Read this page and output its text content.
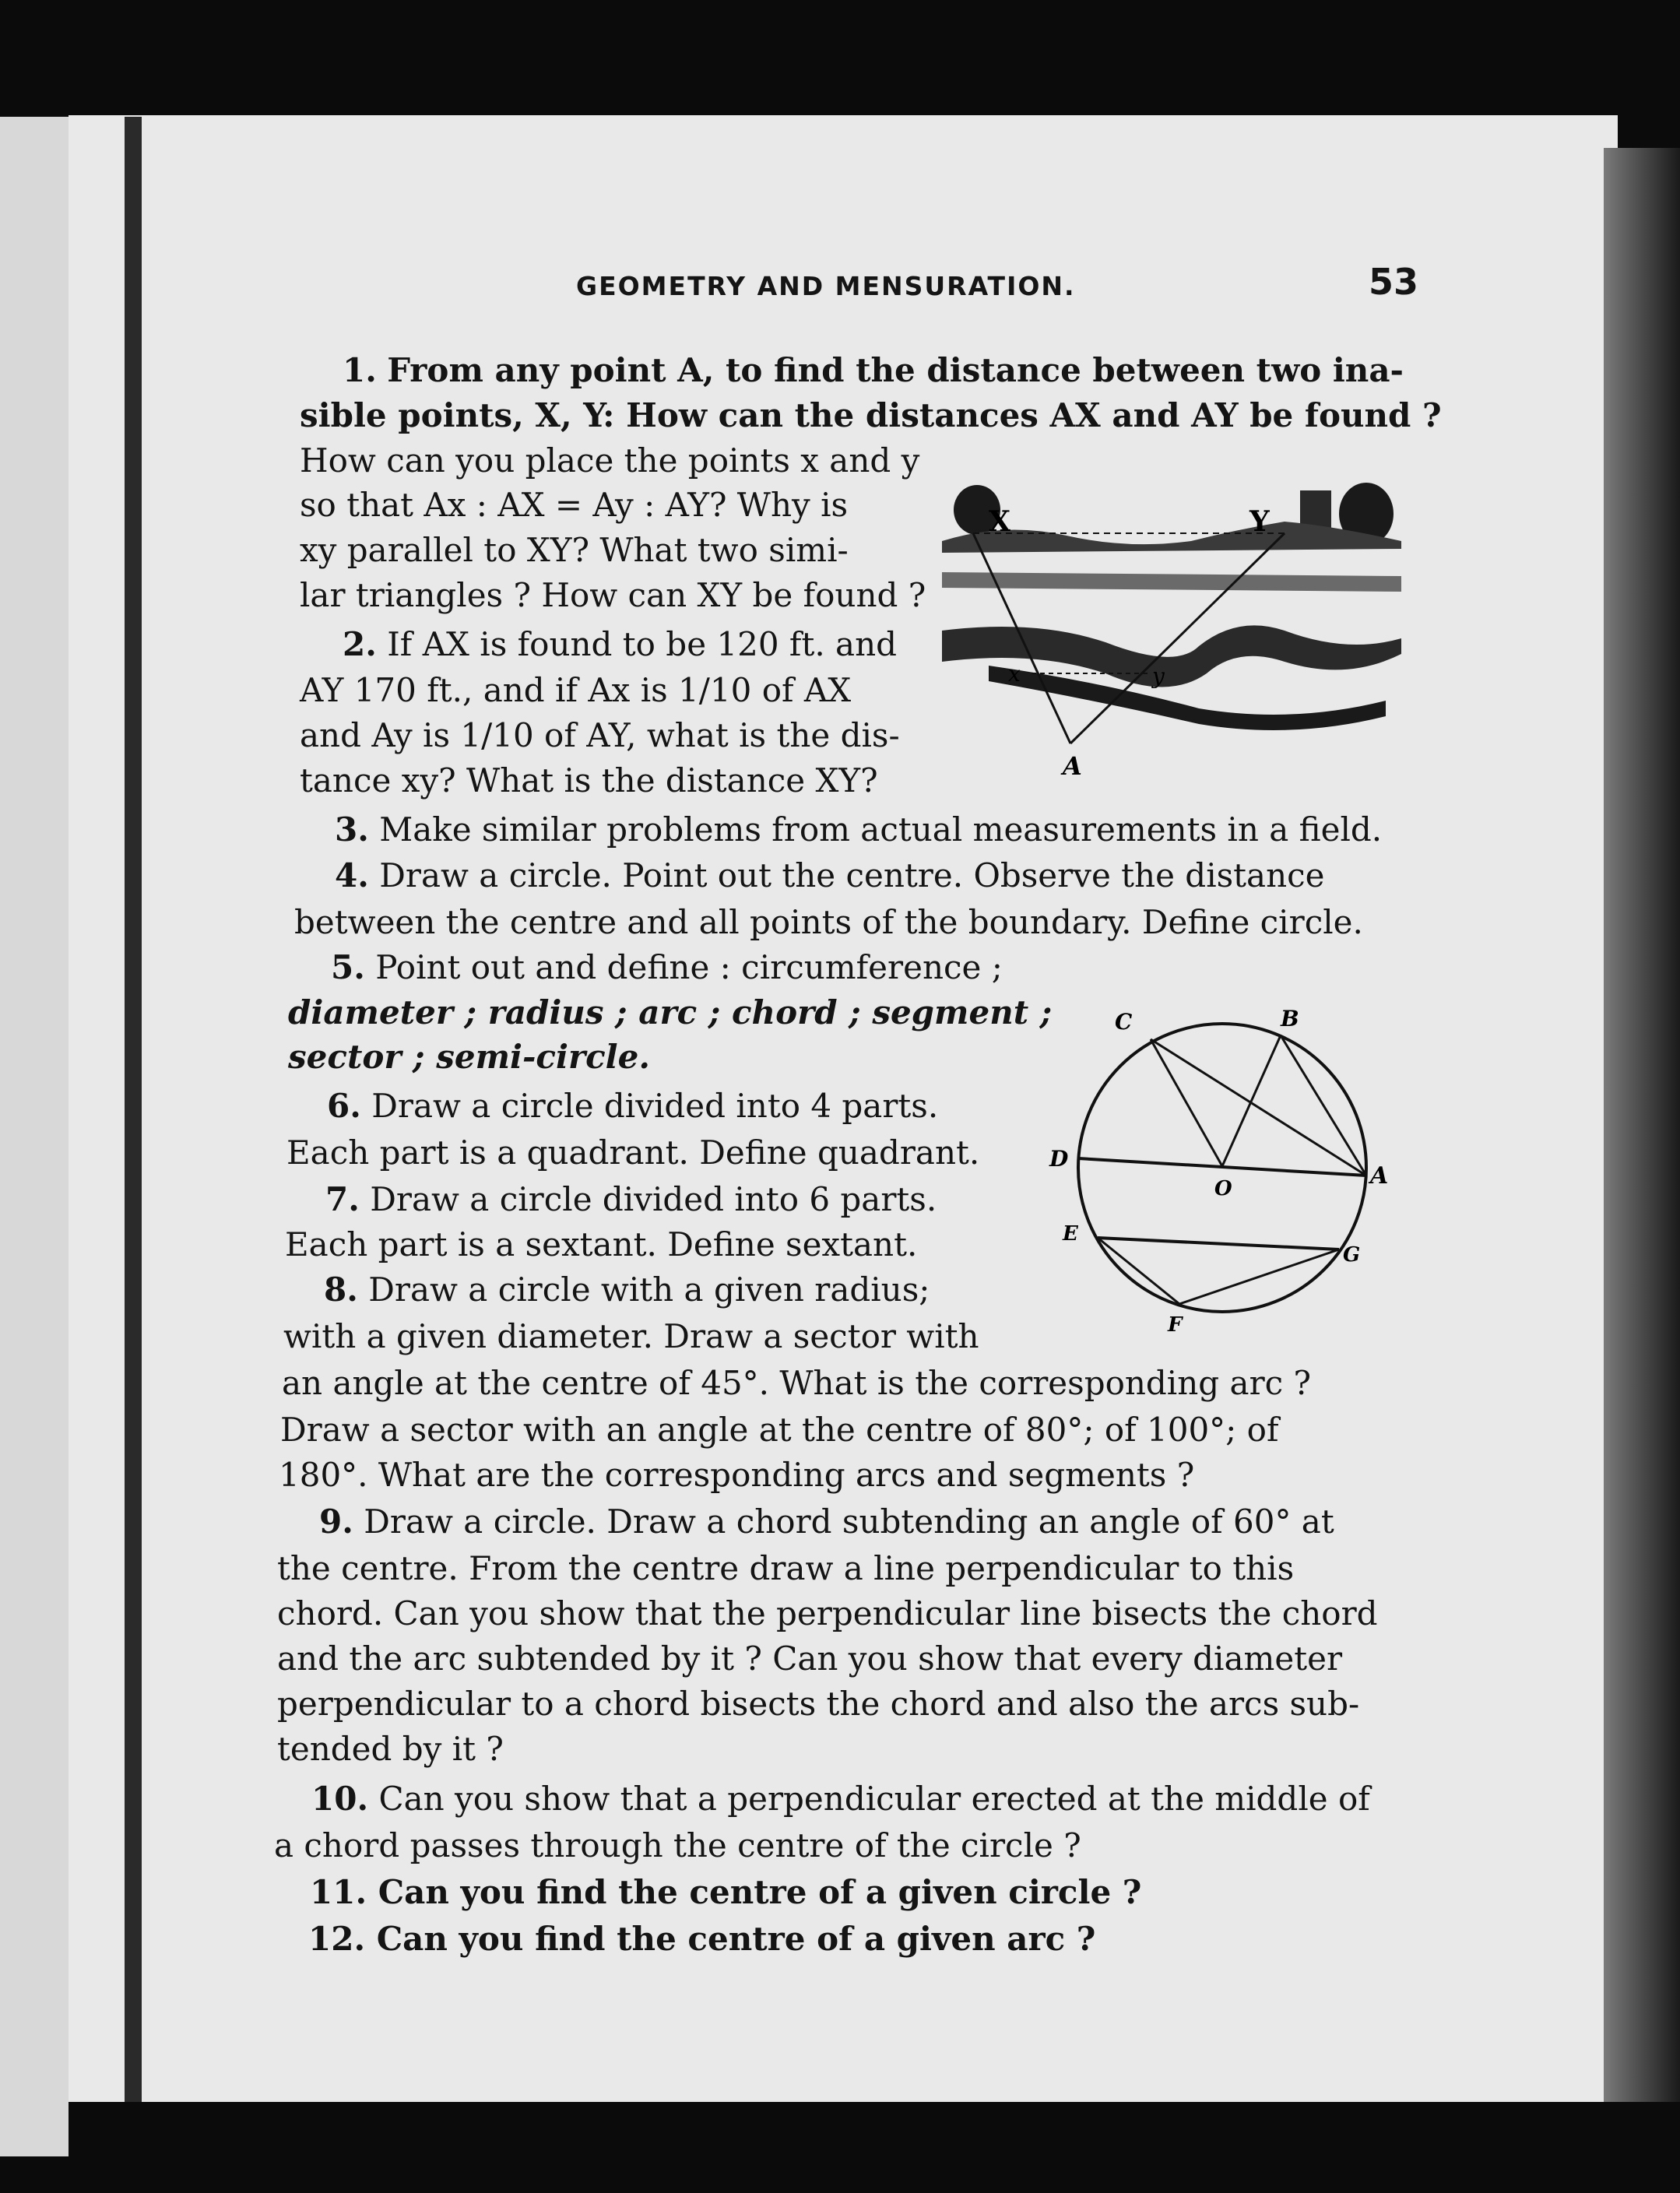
GEOMETRY AND MENSURATION.	53
1. From any point A, to find the distance between two ina-
sible points, X, Y: How can the distances AX and AY be found ?
How can you place the points x and y
so that Ax : AX = Ay : AY? Why is
xy parallel to XY? What two simi-
lar triangles ? How can XY be found ?
2. If AX is found to be 120 ft. and
AY 170 ft., and if Ax is 1/10 of AX
and Ay is 1/10 of AY, what is the dis-
tance xy? What is the distance XY?
3. Make similar problems from actual measurements in a field.
4. Draw a circle. Point out the centre. Observe the distance
between the centre and all points of the boundary. Define circle.
5. Point out and define : circumference ;
diameter ; radius ; arc ; chord ; segment ;
sector ; semi-circle.
6. Draw a circle divided into 4 parts.
Each part is a quadrant. Define quadrant.
7. Draw a circle divided into 6 parts.
Each part is a sextant. Define sextant.
8. Draw a circle with a given radius;
with a given diameter. Draw a sector with
an angle at the centre of 45°. What is the corresponding arc ?
Draw a sector with an angle at the centre of 80°; of 100°; of
180°. What are the corresponding arcs and segments ?
9. Draw a circle. Draw a chord subtending an angle of 60° at
the centre. From the centre draw a line perpendicular to this
chord. Can you show that the perpendicular line bisects the chord
and the arc subtended by it ? Can you show that every diameter
perpendicular to a chord bisects the chord and also the arcs sub-
tended by it ?
10. Can you show that a perpendicular erected at the middle of
a chord passes through the centre of the circle ?
11. Can you find the centre of a given circle ?
12. Can you find the centre of a given arc ?
X	Y
x	y
A
C	B
D
A
O
E
G
F
